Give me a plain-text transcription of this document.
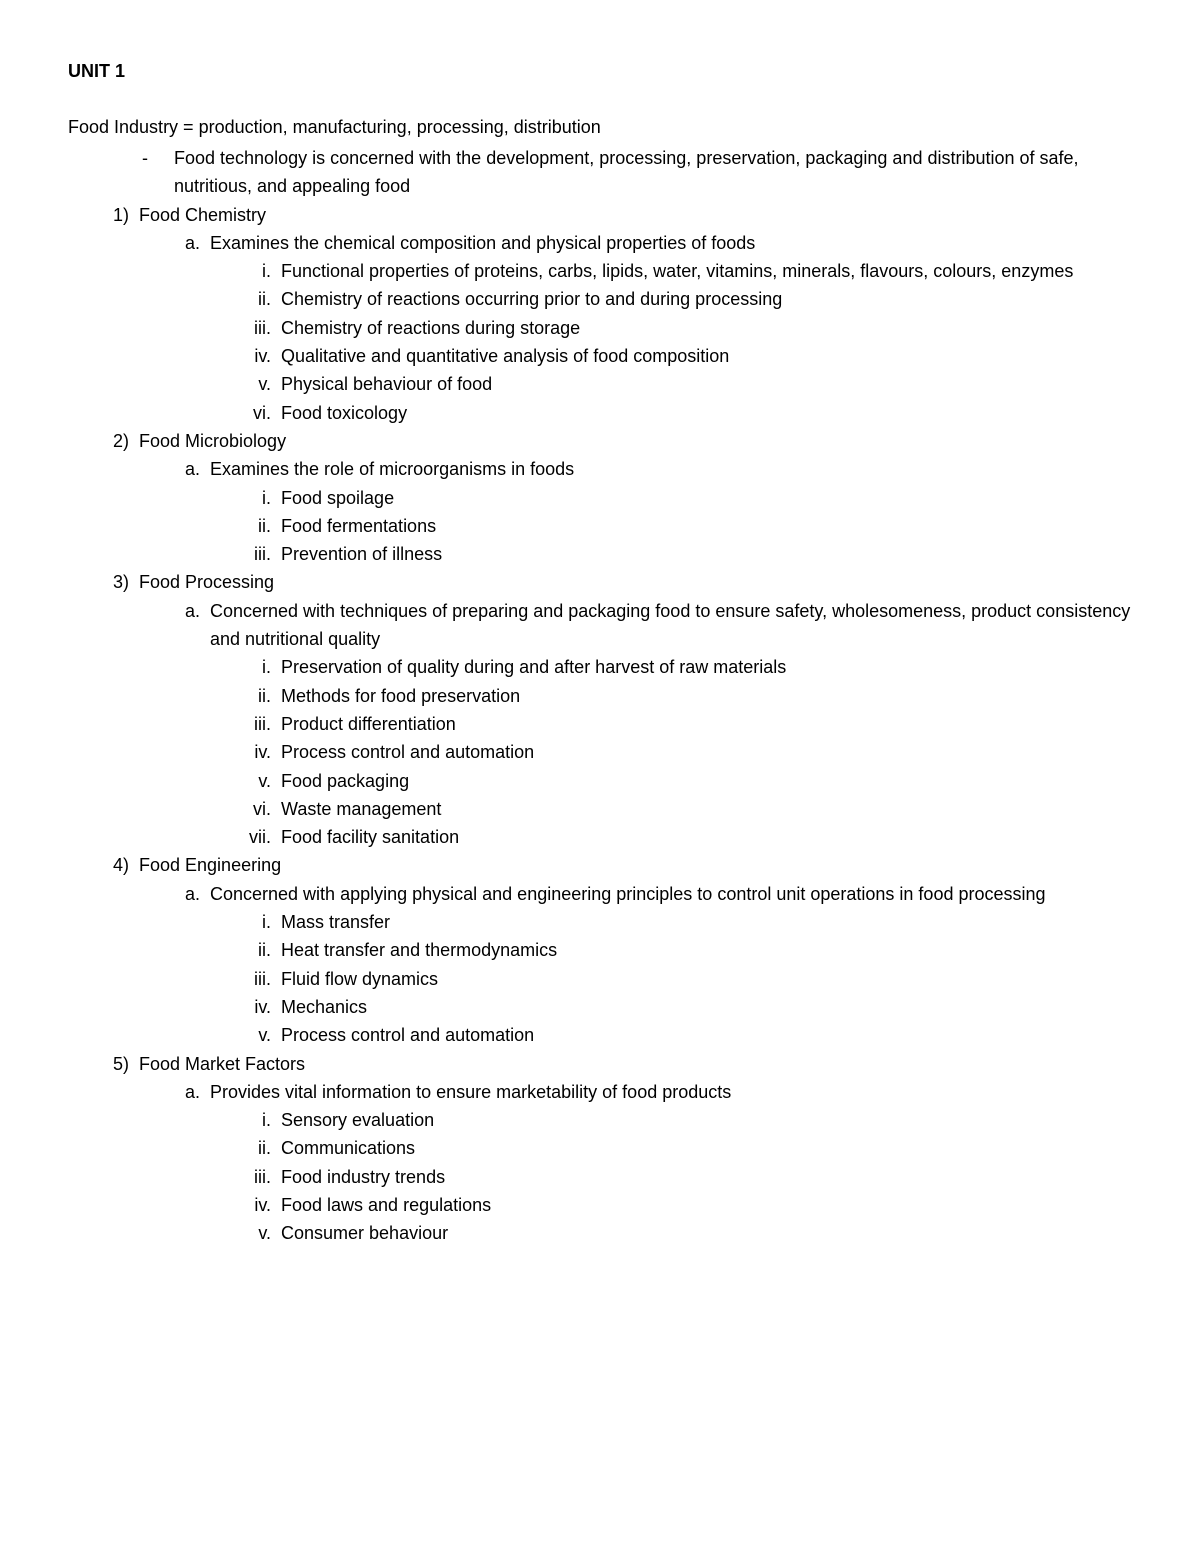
UNIT 1
Food Industry = production, manufacturing, processing, distribution
-	Food technology is concerned with the development, processing, preservation, packaging and distribution of safe, nutritious, and appealing food
1) Food Chemistry
a. Examines the chemical composition and physical properties of foods
i. Functional properties of proteins, carbs, lipids, water, vitamins, minerals, flavours, colours, enzymes
ii. Chemistry of reactions occurring prior to and during processing
iii. Chemistry of reactions during storage
iv. Qualitative and quantitative analysis of food composition
v. Physical behaviour of food
vi. Food toxicology
2) Food Microbiology
a. Examines the role of microorganisms in foods
i. Food spoilage
ii. Food fermentations
iii. Prevention of illness
3) Food Processing
a. Concerned with techniques of preparing and packaging food to ensure safety, wholesomeness, product consistency and nutritional quality
i. Preservation of quality during and after harvest of raw materials
ii. Methods for food preservation
iii. Product differentiation
iv. Process control and automation
v. Food packaging
vi. Waste management
vii. Food facility sanitation
4) Food Engineering
a. Concerned with applying physical and engineering principles to control unit operations in food processing
i. Mass transfer
ii. Heat transfer and thermodynamics
iii. Fluid flow dynamics
iv. Mechanics
v. Process control and automation
5) Food Market Factors
a. Provides vital information to ensure marketability of food products
i. Sensory evaluation
ii. Communications
iii. Food industry trends
iv. Food laws and regulations
v. Consumer behaviour
